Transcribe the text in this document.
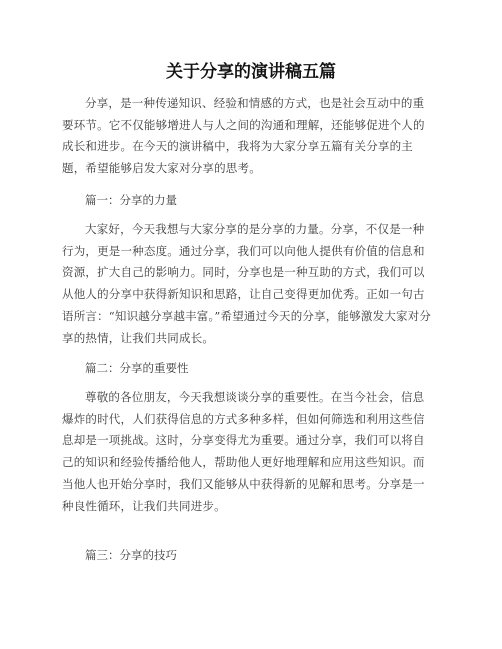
关于分享的演讲稿五篇

分享，是一种传递知识、经验和情感的方式，也是社会互动中的重要环节。它不仅能够增进人与人之间的沟通和理解，还能够促进个人的成长和进步。在今天的演讲稿中，我将为大家分享五篇有关分享的主题，希望能够启发大家对分享的思考。

篇一：分享的力量

大家好，今天我想与大家分享的是分享的力量。分享，不仅是一种行为，更是一种态度。通过分享，我们可以向他人提供有价值的信息和资源，扩大自己的影响力。同时，分享也是一种互助的方式，我们可以从他人的分享中获得新知识和思路，让自己变得更加优秀。正如一句古语所言：“知识越分享越丰富。”希望通过今天的分享，能够激发大家对分享的热情，让我们共同成长。

篇二：分享的重要性

尊敬的各位朋友，今天我想谈谈分享的重要性。在当今社会，信息爆炸的时代，人们获得信息的方式多种多样，但如何筛选和利用这些信息却是一项挑战。这时，分享变得尤为重要。通过分享，我们可以将自己的知识和经验传播给他人，帮助他人更好地理解和应用这些知识。而当他人也开始分享时，我们又能够从中获得新的见解和思考。分享是一种良性循环，让我们共同进步。

篇三：分享的技巧
